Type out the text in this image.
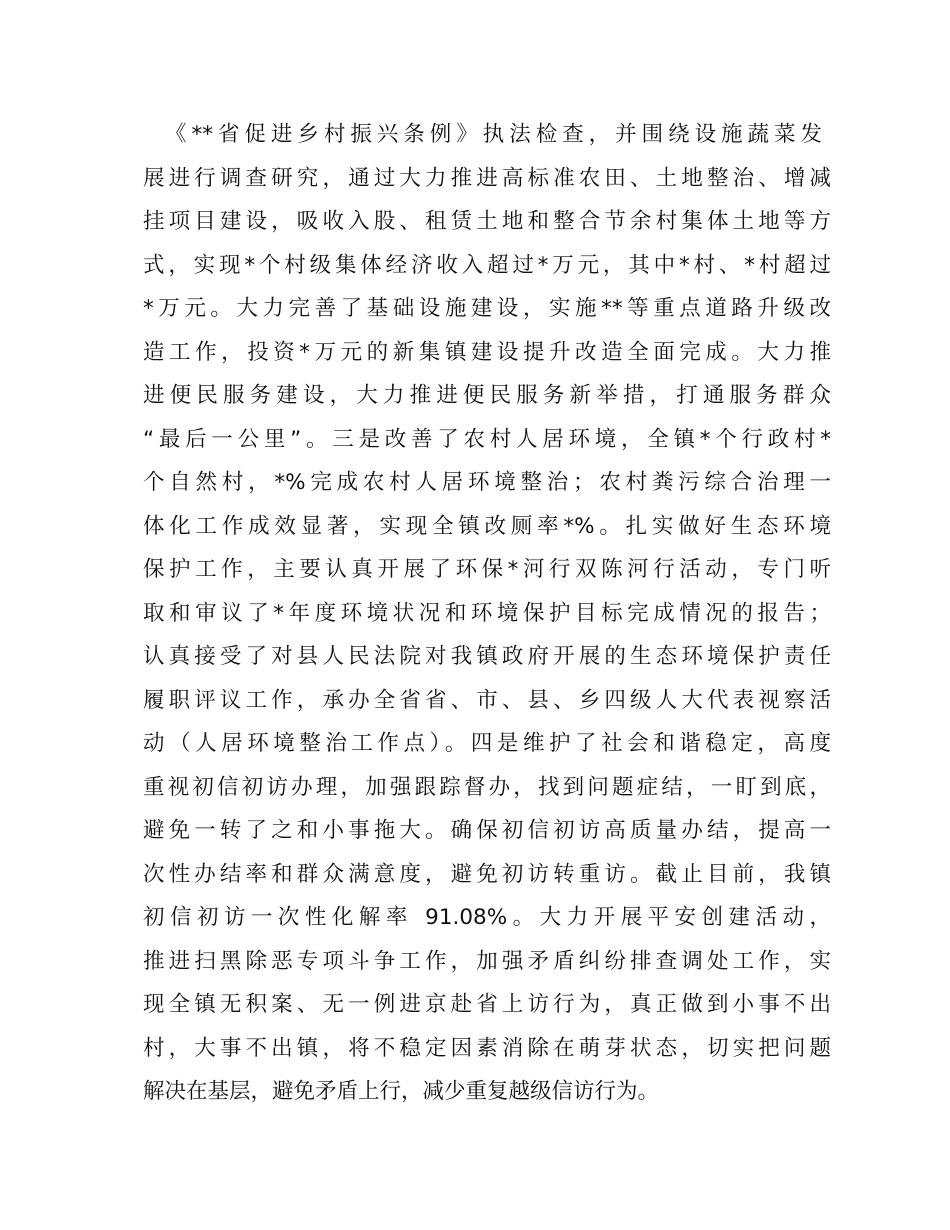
《**省促进乡村振兴条例》执法检查，并围绕设施蔬菜发
展进行调查研究，通过大力推进高标准农田、土地整治、增减
挂项目建设，吸收入股、租赁土地和整合节余村集体土地等方
式，实现*个村级集体经济收入超过*万元，其中*村、*村超过
*万元。大力完善了基础设施建设，实施**等重点道路升级改
造工作，投资*万元的新集镇建设提升改造全面完成。大力推
进便民服务建设，大力推进便民服务新举措，打通服务群众
“最后一公里”。三是改善了农村人居环境，全镇*个行政村*
个自然村，*%完成农村人居环境整治；农村粪污综合治理一
体化工作成效显著，实现全镇改厕率*%。扎实做好生态环境
保护工作，主要认真开展了环保*河行双陈河行活动，专门听
取和审议了*年度环境状况和环境保护目标完成情况的报告；
认真接受了对县人民法院对我镇政府开展的生态环境保护责任
履职评议工作，承办全省省、市、县、乡四级人大代表视察活
动（人居环境整治工作点）。四是维护了社会和谐稳定，高度
重视初信初访办理，加强跟踪督办，找到问题症结，一盯到底，
避免一转了之和小事拖大。确保初信初访高质量办结，提高一
次性办结率和群众满意度，避免初访转重访。截止目前，我镇
初信初访一次性化解率 91.08%。大力开展平安创建活动，
推进扫黑除恶专项斗争工作，加强矛盾纠纷排查调处工作，实
现全镇无积案、无一例进京赴省上访行为，真正做到小事不出
村，大事不出镇，将不稳定因素消除在萌芽状态，切实把问题
解决在基层，避免矛盾上行，减少重复越级信访行为。
